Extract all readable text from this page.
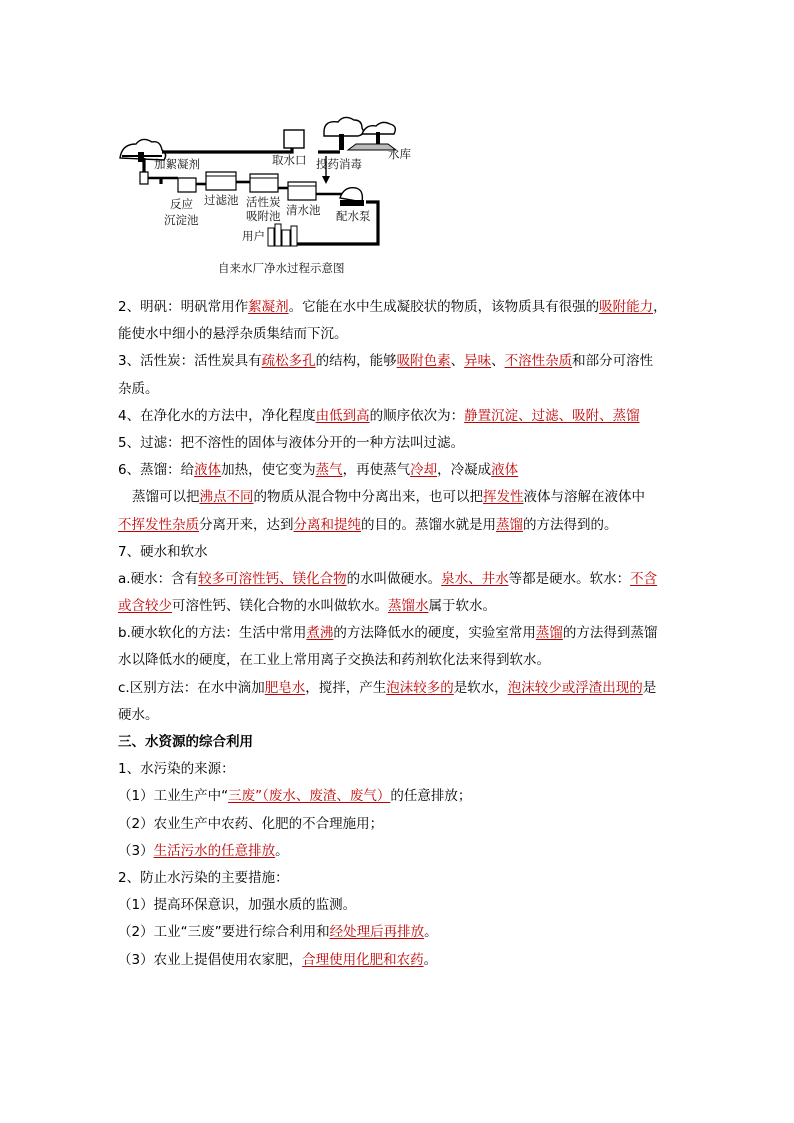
加絮凝剂
反应
沉淀池
过滤池 活性炭
吸附池 清水池
取水口 投药消毒
水库
配水泵
用户
自来水厂净水过程示意图
2、明矾：明矾常用作絮凝剂。它能在水中生成凝胶状的物质，该物质具有很强的吸附能力，
能使水中细小的悬浮杂质集结而下沉。
3、活性炭：活性炭具有疏松多孔的结构，能够吸附色素、异味、不溶性杂质和部分可溶性
杂质。
4、在净化水的方法中，净化程度由低到高的顺序依次为：静置沉淀、过滤、吸附、蒸馏
5、过滤：把不溶性的固体与液体分开的一种方法叫过滤。
6、蒸馏：给液体加热，使它变为蒸气，再使蒸气冷却，冷凝成液体
蒸馏可以把沸点不同的物质从混合物中分离出来，也可以把挥发性液体与溶解在液体中
不挥发性杂质分离开来，达到分离和提纯的目的。蒸馏水就是用蒸馏的方法得到的。
7、硬水和软水
a.硬水：含有较多可溶性钙、镁化合物的水叫做硬水。泉水、井水等都是硬水。软水：不含
或含较少可溶性钙、镁化合物的水叫做软水。蒸馏水属于软水。
b.硬水软化的方法：生活中常用煮沸的方法降低水的硬度，实验室常用蒸馏的方法得到蒸馏
水以降低水的硬度，在工业上常用离子交换法和药剂软化法来得到软水。
c.区别方法：在水中滴加肥皂水，搅拌，产生泡沫较多的是软水，泡沫较少或浮渣出现的是
硬水。
三、水资源的综合利用
1、水污染的来源：
（1）工业生产中“三废”（废水、废渣、废气）的任意排放；
（2）农业生产中农药、化肥的不合理施用；
（3）生活污水的任意排放。
2、防止水污染的主要措施：
（1）提高环保意识，加强水质的监测。
（2）工业“三废”要进行综合利用和经处理后再排放。
（3）农业上提倡使用农家肥，合理使用化肥和农药。
